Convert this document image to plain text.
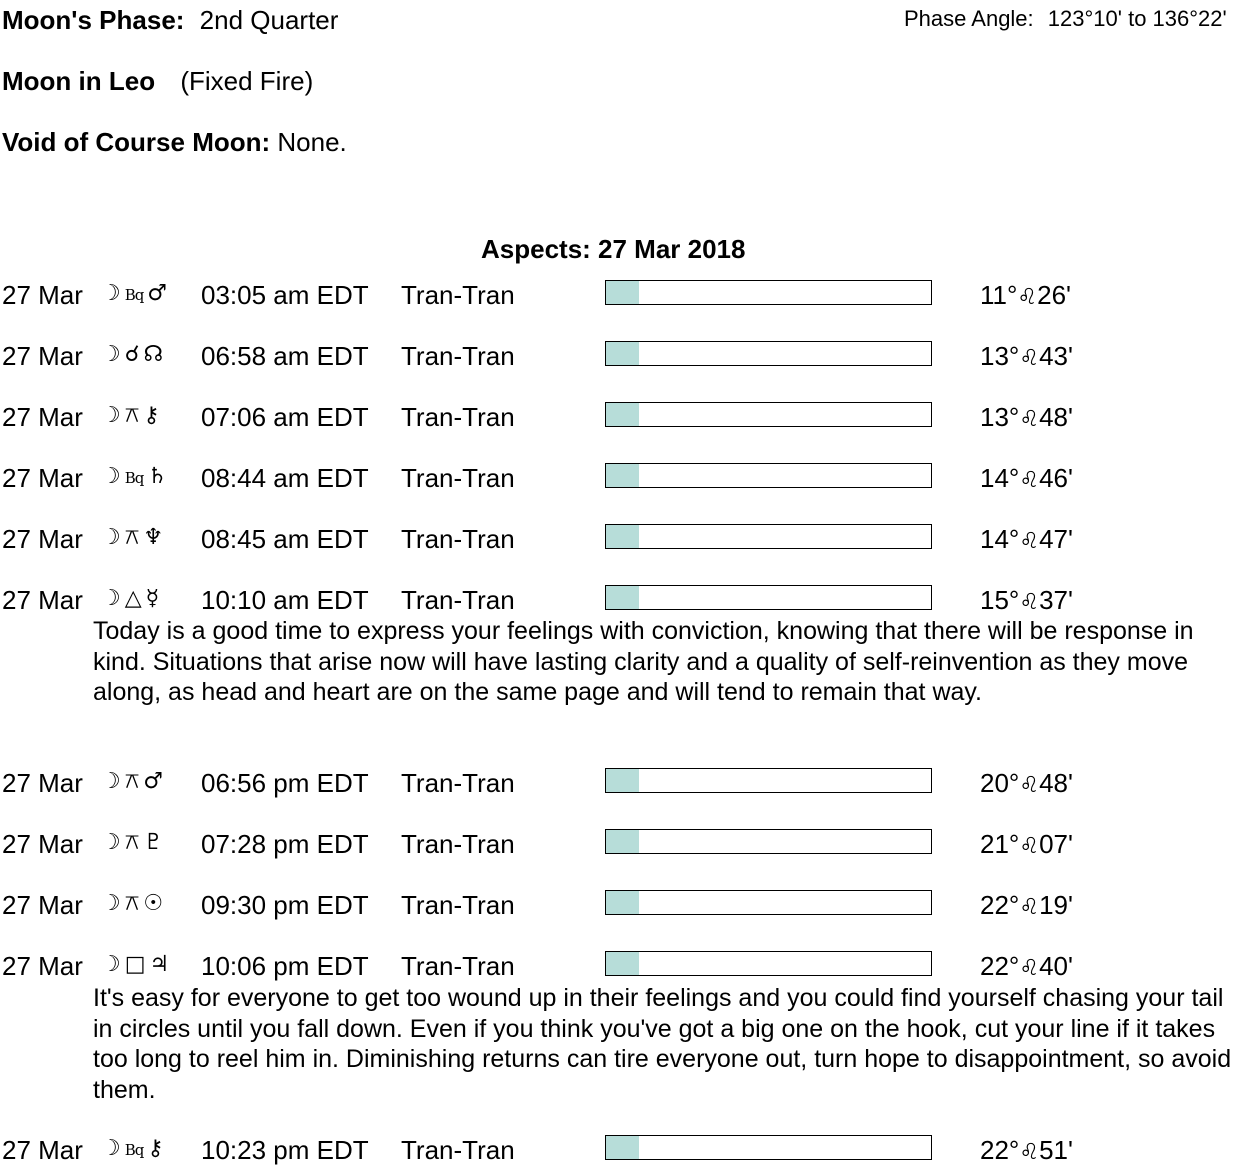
Moon's Phase: 2nd Quarter	Phase Angle: 123°10' to 136°22'
Moon in Leo (Fixed Fire)
Void of Course Moon: None.
Aspects: 27 Mar 2018
27 Mar ☽ Bq ♂ 03:05 am EDT Tran-Tran	11°♌26'
27 Mar ☽ ☌ ☊ 06:58 am EDT Tran-Tran	13°♌43'
27 Mar ☽ ⚻ ⚷ 07:06 am EDT Tran-Tran	13°♌48'
27 Mar ☽ Bq ♄ 08:44 am EDT Tran-Tran	14°♌46'
27 Mar ☽ ⚻ ♆ 08:45 am EDT Tran-Tran	14°♌47'
27 Mar ☽ △ ☿ 10:10 am EDT Tran-Tran	15°♌37'
27 Mar ☽ ⚻ ♂ 06:56 pm EDT Tran-Tran	20°♌48'
27 Mar ☽ ⚻ ♇ 07:28 pm EDT Tran-Tran	21°♌07'
27 Mar ☽ ⚻ ☉ 09:30 pm EDT Tran-Tran	22°♌19'
27 Mar ☽ □ ♃ 10:06 pm EDT Tran-Tran	22°♌40'
27 Mar ☽ Bq ⚷ 10:23 pm EDT Tran-Tran	22°♌51'
Today is a good time to express your feelings with conviction, knowing that there will be response in kind. Situations that arise now will have lasting clarity and a quality of self-reinvention as they move along, as head and heart are on the same page and will tend to remain that way.
It's easy for everyone to get too wound up in their feelings and you could find yourself chasing your tail in circles until you fall down. Even if you think you've got a big one on the hook, cut your line if it takes too long to reel him in. Diminishing returns can tire everyone out, turn hope to disappointment, so avoid them.
